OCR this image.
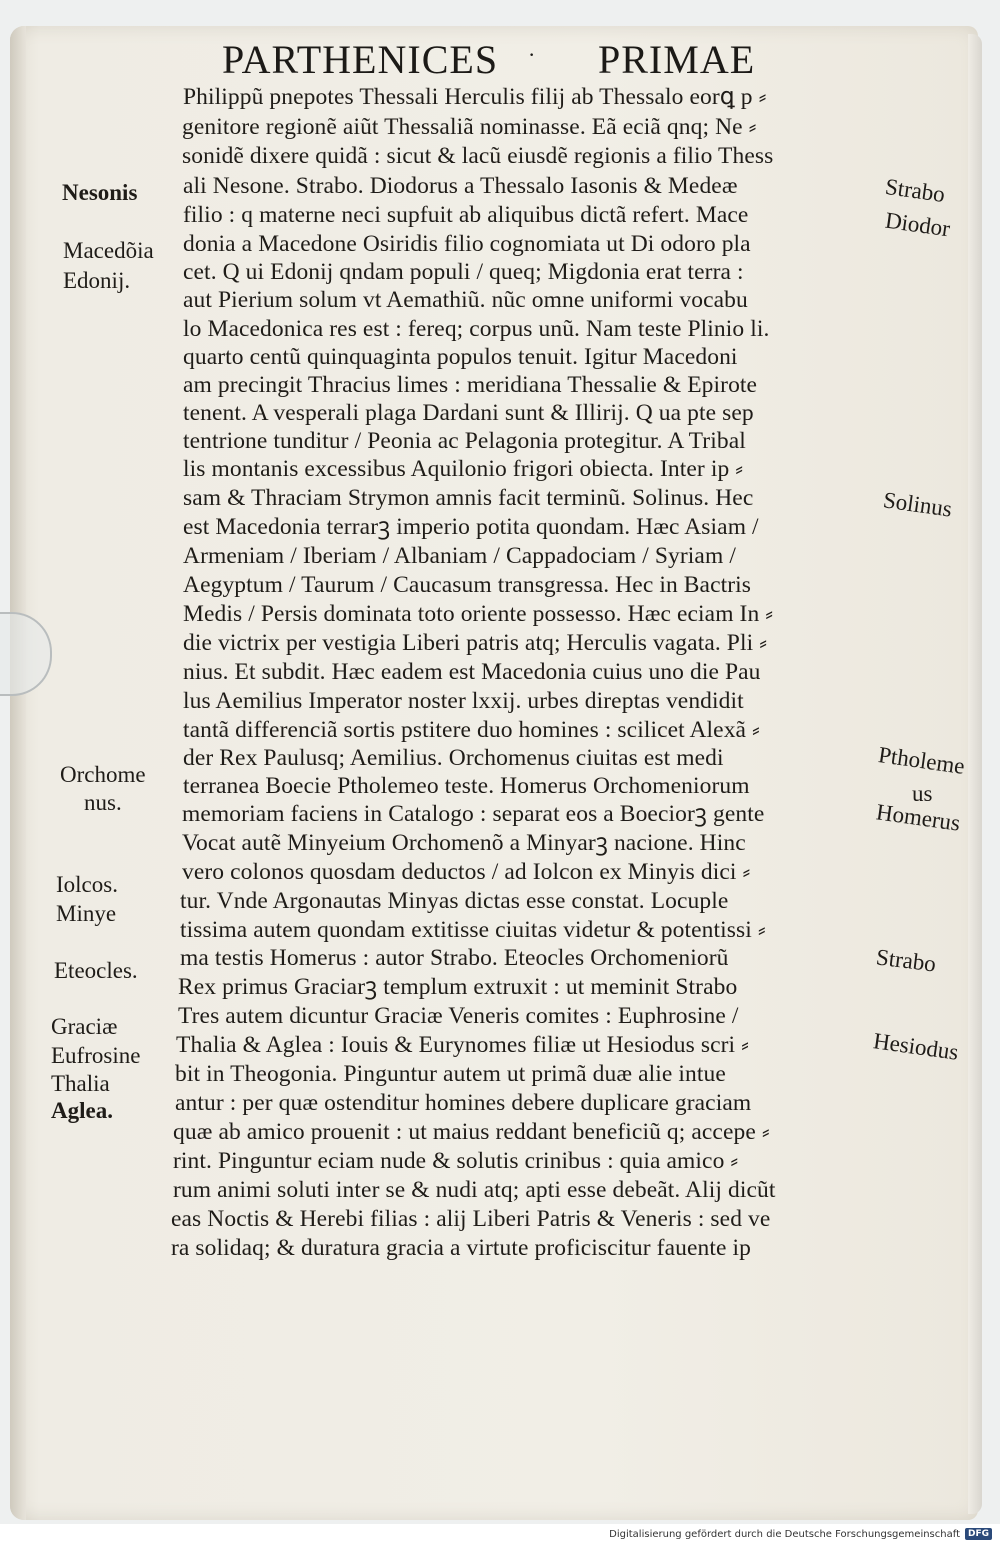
PARTHENICES · PRIMAE
Philippũ pnepotes Thessali Herculis filij ab Thessalo eorꝗ p ⸗
genitore regionẽ aiũt Thessaliã nominasse. Eã eciã qnq; Ne ⸗
sonidẽ dixere quidã : sicut & lacũ eiusdẽ regionis a filio Thess
ali Nesone. Strabo. Diodorus a Thessalo Iasonis & Medeæ
filio : q materne neci supfuit ab aliquibus dictã refert. Mace
donia a Macedone Osiridis filio cognomiata ut Di odoro pla
cet. Q ui Edonij qndam populi / queq; Migdonia erat terra :
aut Pierium solum vt Aemathiũ. nũc omne uniformi vocabu
lo Macedonica res est : fereq; corpus unũ. Nam teste Plinio li.
quarto centũ quinquaginta populos tenuit. Igitur Macedoni
am precingit Thracius limes : meridiana Thessalie & Epirote
tenent. A vesperali plaga Dardani sunt & Illirij. Q ua pte sep
tentrione tunditur / Peonia ac Pelagonia protegitur. A Tribal
lis montanis excessibus Aquilonio frigori obiecta. Inter ip ⸗
sam & Thraciam Strymon amnis facit terminũ. Solinus. Hec
est Macedonia terrarꝫ imperio potita quondam. Hæc Asiam /
Armeniam / Iberiam / Albaniam / Cappadociam / Syriam /
Aegyptum / Taurum / Caucasum transgressa. Hec in Bactris
Medis / Persis dominata toto oriente possesso. Hæc eciam In ⸗
die victrix per vestigia Liberi patris atq; Herculis vagata. Pli ⸗
nius. Et subdit. Hæc eadem est Macedonia cuius uno die Pau
lus Aemilius Imperator noster lxxij. urbes direptas vendidit
tantã differenciã sortis pstitere duo homines : scilicet Alexã ⸗
der Rex Paulusq; Aemilius. Orchomenus ciuitas est medi
terranea Boecie Ptholemeo teste. Homerus Orchomeniorum
memoriam faciens in Catalogo : separat eos a Boeciorꝫ gente
Vocat autẽ Minyeium Orchomenõ a Minyarꝫ nacione. Hinc
vero colonos quosdam deductos / ad Iolcon ex Minyis dici ⸗
tur. Vnde Argonautas Minyas dictas esse constat. Locuple
tissima autem quondam extitisse ciuitas videtur & potentissi ⸗
ma testis Homerus : autor Strabo. Eteocles Orchomeniorũ
Rex primus Graciarꝫ templum extruxit : ut meminit Strabo
Tres autem dicuntur Graciæ Veneris comites : Euphrosine /
Thalia & Aglea : Iouis & Eurynomes filiæ ut Hesiodus scri ⸗
bit in Theogonia. Pinguntur autem ut primã duæ alie intue
antur : per quæ ostenditur homines debere duplicare graciam
quæ ab amico prouenit : ut maius reddant beneficiũ q; accepe ⸗
rint. Pinguntur eciam nude & solutis crinibus : quia amico ⸗
rum animi soluti inter se & nudi atq; apti esse debeãt. Alij dicũt
eas Noctis & Herebi filias : alij Liberi Patris & Veneris : sed ve
ra solidaq; & duratura gracia a virtute proficiscitur fauente ip
Nesonis
Macedõia
Edonij.
Orchome
nus.
Iolcos.
Minye
Eteocles.
Graciæ
Eufrosine
Thalia
Aglea.
Strabo
Diodor
Solinus
Ptholeme
us
Homerus
Strabo
Hesiodus
Digitalisierung gefördert durch die Deutsche Forschungsgemeinschaft DFG
